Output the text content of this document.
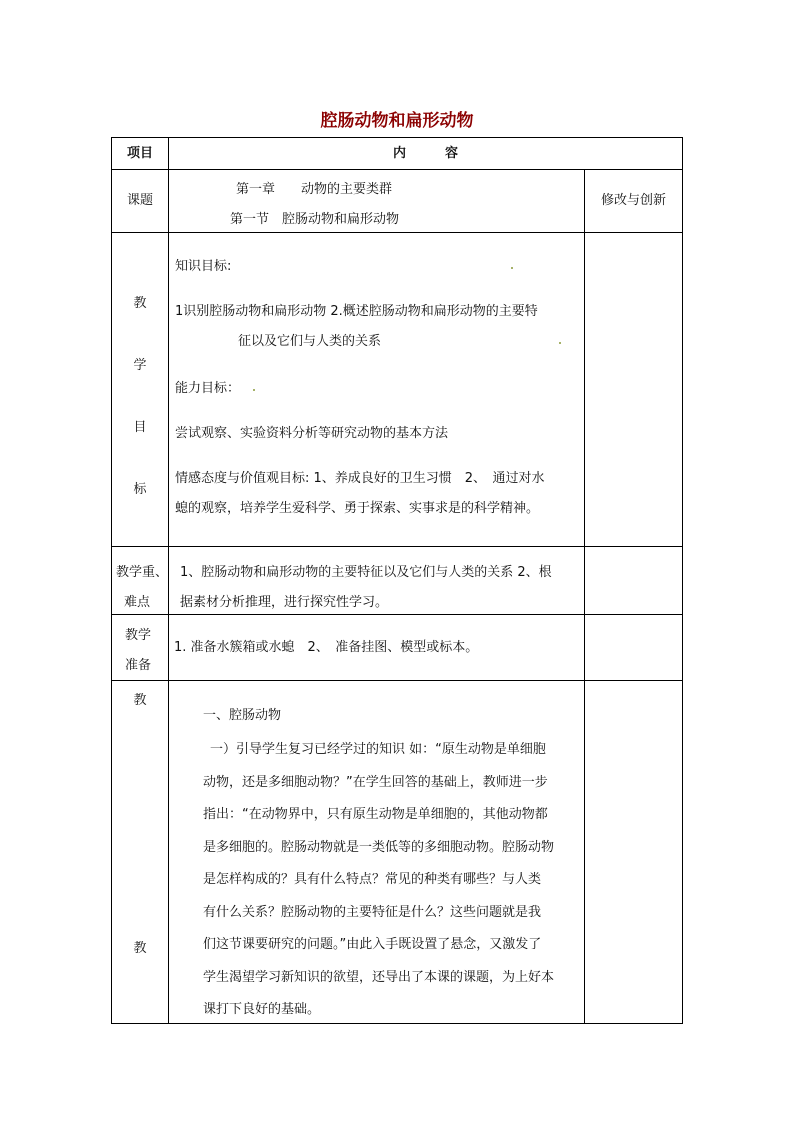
腔肠动物和扁形动物
项目	内　　　容
课题
第一章　　动物的主要类群
第一节　腔肠动物和扁形动物
修改与创新
教
学
目
标
知识目标:
1识别腔肠动物和扁形动物 2.概述腔肠动物和扁形动物的主要特
征以及它们与人类的关系
能力目标：
尝试观察、实验资料分析等研究动物的基本方法
情感态度与价值观目标: 1、养成良好的卫生习惯　2、　通过对水
螅的观察，培养学生爱科学、勇于探索、实事求是的科学精神。
教学重、
难点
1、腔肠动物和扁形动物的主要特征以及它们与人类的关系 2、根
据素材分析推理，进行探究性学习。
教学
准备
1. 准备水簇箱或水螅　2、　准备挂图、模型或标本。
教
教
一、腔肠动物
一）引导学生复习已经学过的知识 如：“原生动物是单细胞
动物，还是多细胞动物？”在学生回答的基础上，教师进一步
指出：“在动物界中，只有原生动物是单细胞的，其他动物都
是多细胞的。腔肠动物就是一类低等的多细胞动物。腔肠动物
是怎样构成的？具有什么特点？常见的种类有哪些？与人类
有什么关系？腔肠动物的主要特征是什么？这些问题就是我
们这节课要研究的问题。”由此入手既设置了悬念，又激发了
学生渴望学习新知识的欲望，还导出了本课的课题，为上好本
课打下良好的基础。
